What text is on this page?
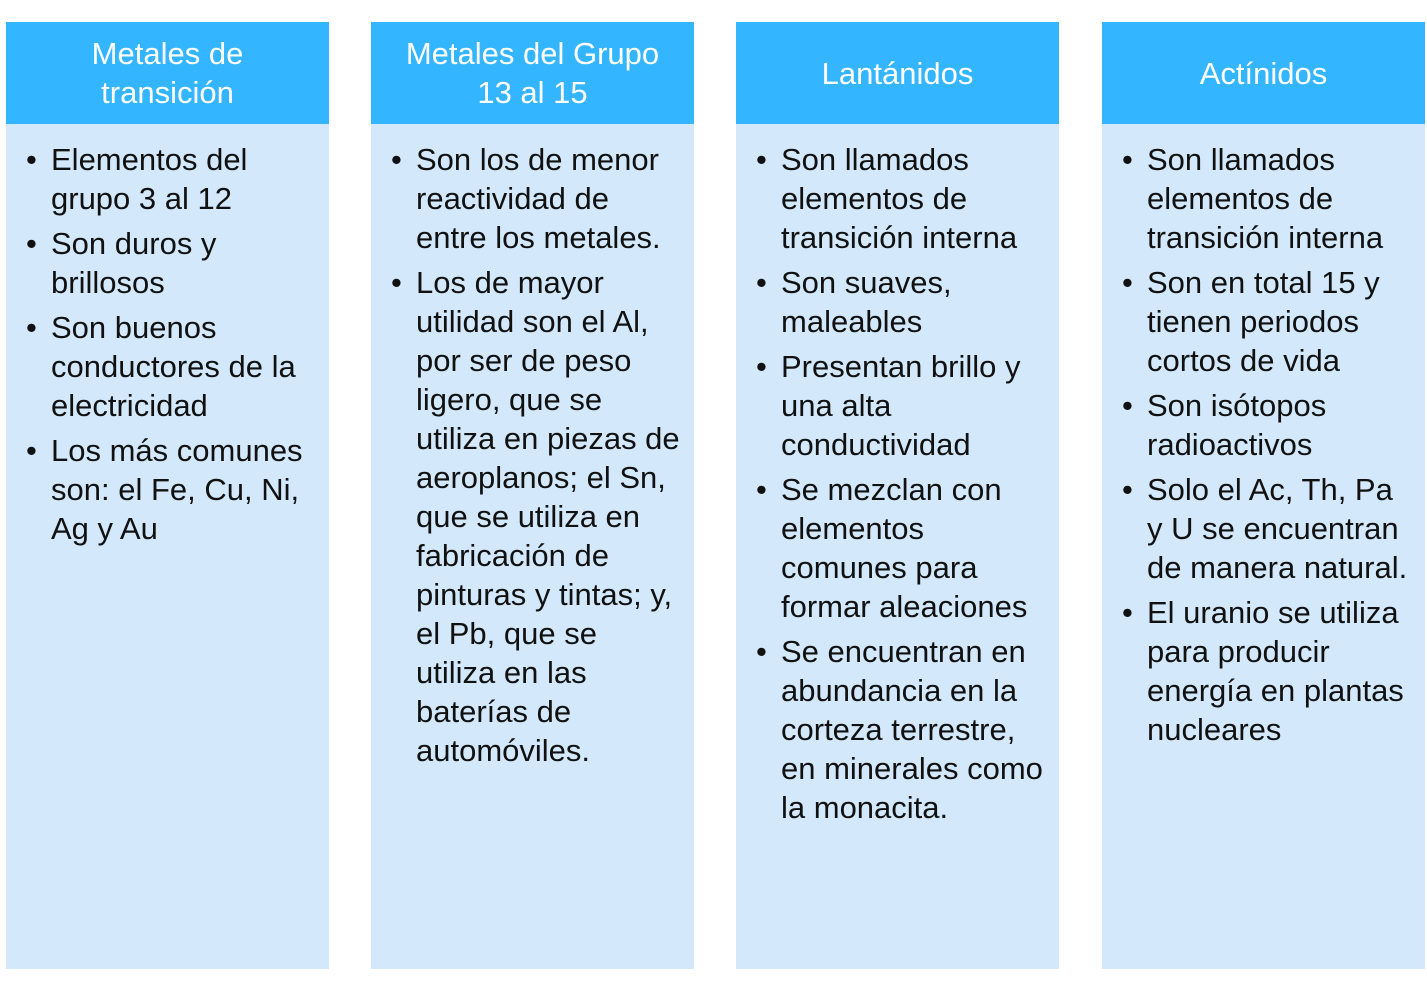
Metales de transición
• Elementos del grupo 3 al 12
• Son duros y brillosos
• Son buenos conductores de la electricidad
• Los más comunes son: el Fe, Cu, Ni, Ag y Au
Metales del Grupo 13 al 15
• Son los de menor reactividad de entre los metales.
• Los de mayor utilidad son el Al, por ser de peso ligero, que se utiliza en piezas de aeroplanos; el Sn, que se utiliza en fabricación de pinturas y tintas; y, el Pb, que se utiliza en las baterías de automóviles.
Lantánidos
• Son llamados elementos de transición interna
• Son suaves, maleables
• Presentan brillo y una alta conductividad
• Se mezclan con elementos comunes para formar aleaciones
• Se encuentran en abundancia en la corteza terrestre, en minerales como la monacita.
Actínidos
• Son llamados elementos de transición interna
• Son en total 15 y tienen periodos cortos de vida
• Son isótopos radioactivos
• Solo el Ac, Th, Pa y U se encuentran de manera natural.
• El uranio se utiliza para producir energía en plantas nucleares
